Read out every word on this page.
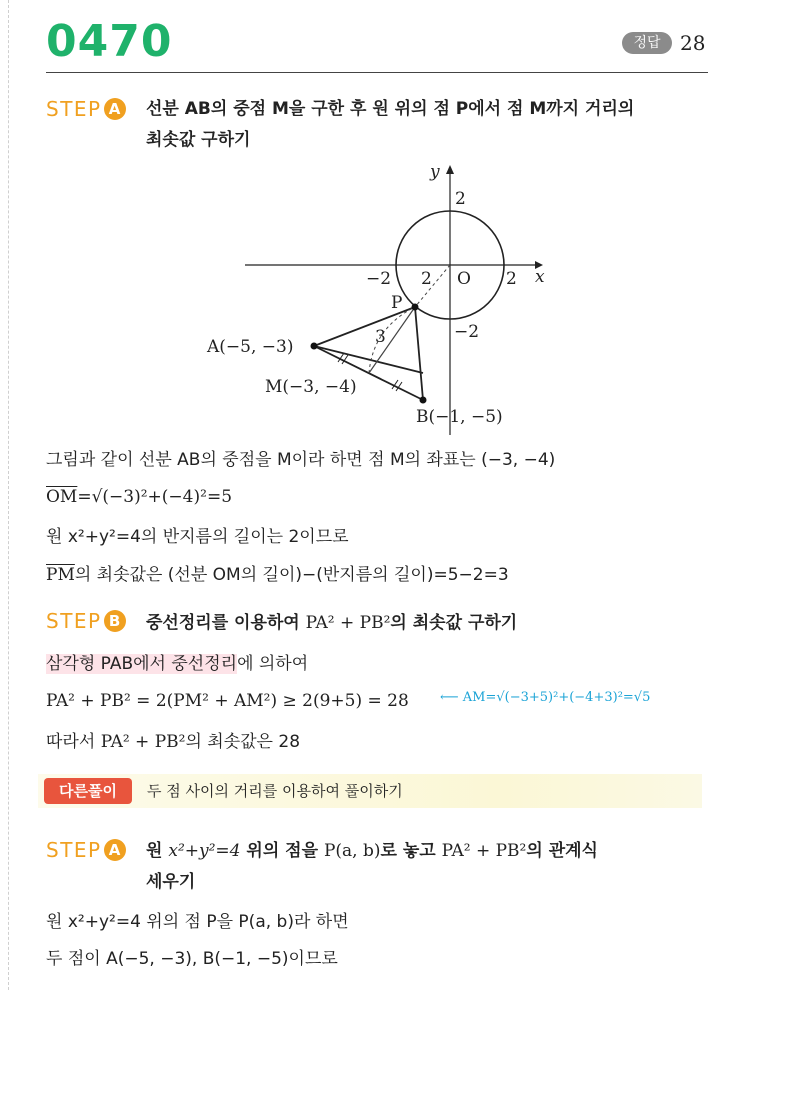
0470	정답 28
STEP A	선분 AB의 중점 M을 구한 후 원 위의 점 P에서 점 M까지 거리의
최솟값 구하기
y
x
O
2
−2
−2	2
2
3
P
A(−5, −3)
M(−3, −4)
B(−1, −5)
그림과 같이 선분 AB의 중점을 M이라 하면 점 M의 좌표는 (−3, −4)
$\overline{OM}=√(-3)^2+(-4)^2=5$
원 x²+y²=4의 반지름의 길이는 2이므로
$\overline{PM}$의 최솟값은 (선분 OM의 길이)−(반지름의 길이)=5−2=3
STEP B	중선정리를 이용하여 PA² + PB²의 최솟값 구하기
삼각형 PAB에서 중선정리에 의하여
PA² + PB² = 2(PM² + AM²) ≥ 2(9+5) = 28 ⟵ AM=√(−3+5)²+(−4+3)²=√5
따라서 PA² + PB²의 최솟값은 28
다른풀이	두 점 사이의 거리를 이용하여 풀이하기
STEP A	원 x²+y²=4 위의 점을 P(a, b)로 놓고 PA² + PB²의 관계식
세우기
원 x²+y²=4 위의 점 P을 P(a, b)라 하면
두 점이 A(−5, −3), B(−1, −5)이므로
